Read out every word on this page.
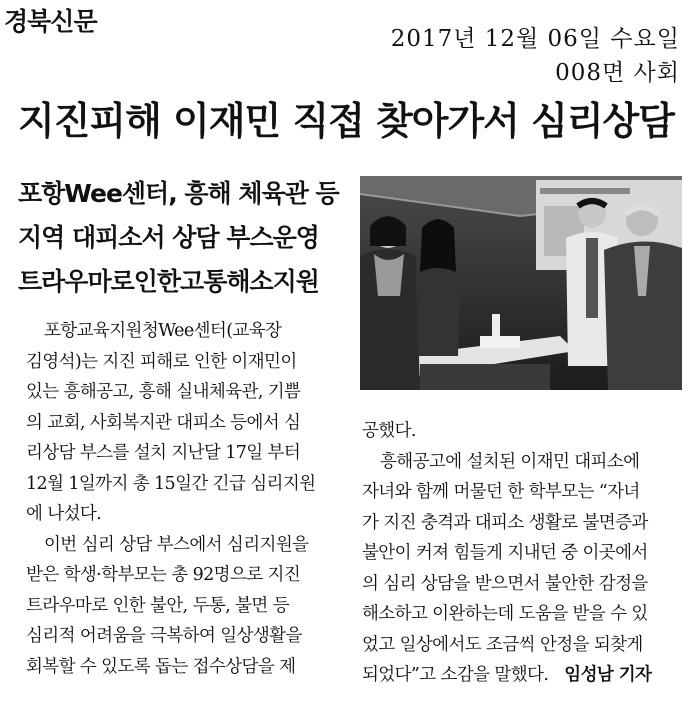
경북신문
2017년 12월 06일 수요일
008면 사회
지진피해 이재민 직접 찾아가서 심리상담
포항Wee센터, 흥해 체육관 등
지역 대피소서 상담 부스운영
트라우마로인한고통해소지원
포항교육지원청Wee센터(교육장
김영석)는 지진 피해로 인한 이재민이
있는 흥해공고, 흥해 실내체육관, 기쁨
의 교회, 사회복지관 대피소 등에서 심
리상담 부스를 설치 지난달 17일 부터
12월 1일까지 총 15일간 긴급 심리지원
에 나섰다.
이번 심리 상담 부스에서 심리지원을
받은 학생·학부모는 총 92명으로 지진
트라우마로 인한 불안, 두통, 불면 등
심리적 어려움을 극복하여 일상생활을
회복할 수 있도록 돕는 접수상담을 제
공했다.
흥해공고에 설치된 이재민 대피소에
자녀와 함께 머물던 한 학부모는 “자녀
가 지진 충격과 대피소 생활로 불면증과
불안이 커져 힘들게 지내던 중 이곳에서
의 심리 상담을 받으면서 불안한 감정을
해소하고 이완하는데 도움을 받을 수 있
었고 일상에서도 조금씩 안정을 되찾게
되었다”고 소감을 말했다. 임성남 기자
